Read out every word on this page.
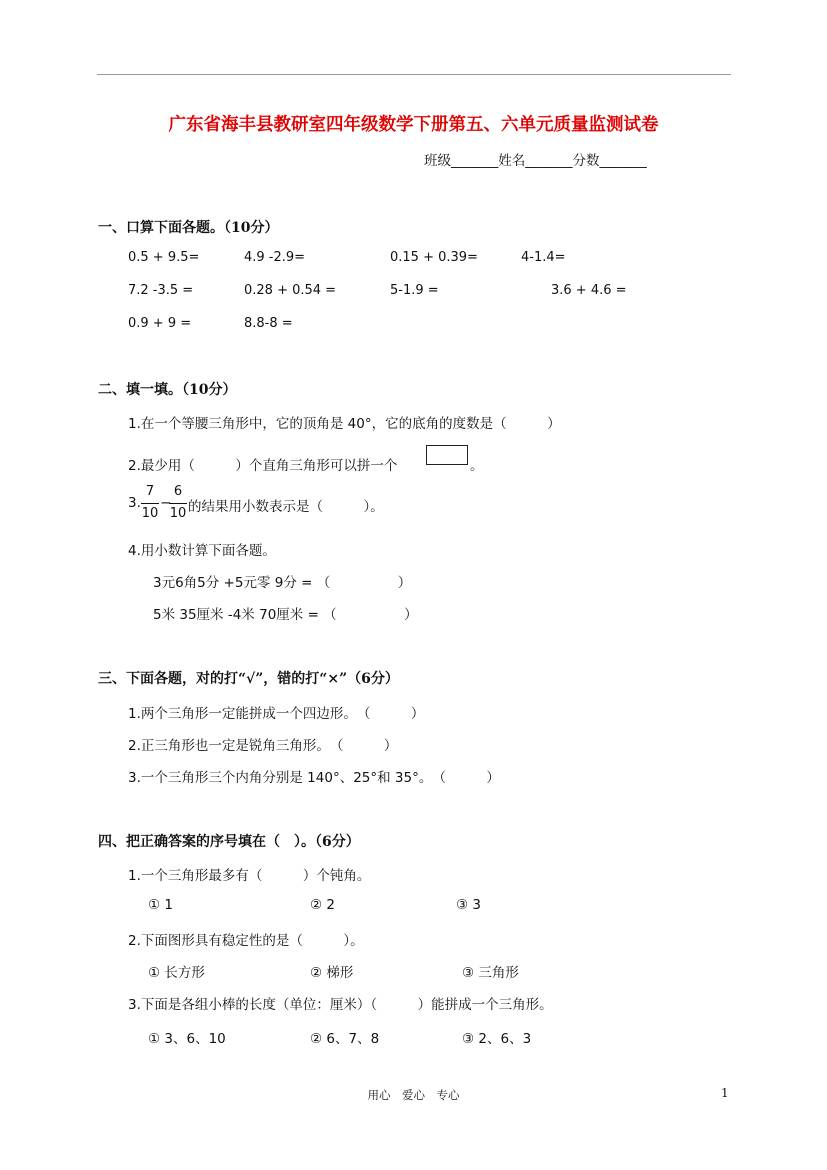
广东省海丰县教研室四年级数学下册第五、六单元质量监测试卷
班级_______姓名_______分数_______
一、口算下面各题。（10分）
0.5 + 9.5=	4.9 -2.9=	0.15 + 0.39=	4-1.4=
7.2 -3.5 =	0.28 + 0.54 =	5-1.9 =	3.6 + 4.6 =
0.9 + 9 =	8.8-8 =
二、填一填。（10分）
1.在一个等腰三角形中，它的顶角是 40°，它的底角的度数是（　　　）
2.最少用（　　　）个直角三角形可以拼一个	。
3.
7
10
−
6
10 的结果用小数表示是（　　　）。
4.用小数计算下面各题。
3元6角5分 +5元零 9分 = （　　　　　）
5米 35厘米 -4米 70厘米 = （　　　　　）
三、下面各题，对的打“√”，错的打“×”（6分）
1.两个三角形一定能拼成一个四边形。　（　　　）
2.正三角形也一定是锐角三角形。　（　　　）
3.一个三角形三个内角分别是 140°、25°和 35°。　（　　　）
四、把正确答案的序号填在（　）。（6分）
1.一个三角形最多有（　　　）个钝角。
① 1	② 2	③ 3
2.下面图形具有稳定性的是（　　　）。
① 长方形	② 梯形	③ 三角形
3.下面是各组小棒的长度（单位：厘米）（　　　）能拼成一个三角形。
① 3、6、10	② 6、7、8	③ 2、6、3
用心　爱心　专心	1
